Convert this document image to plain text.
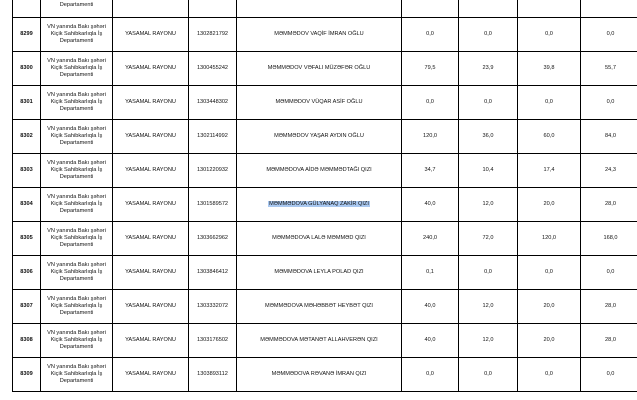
	Departamenti							
8299	VN yanında Bakı şəhəri
Kiçik Sahibkarlıqla İş
Departamenti	YASAMAL RAYONU	1302821792	MƏMMƏDOV VAQİF İMRAN OĞLU	0,0	0,0	0,0	0,0
8300	VN yanında Bakı şəhəri
Kiçik Sahibkarlıqla İş
Departamenti	YASAMAL RAYONU	1300455242	MƏMMƏDOV VƏFALI MÜZƏFƏR OĞLU	79,5	23,9	39,8	55,7
8301	VN yanında Bakı şəhəri
Kiçik Sahibkarlıqla İş
Departamenti	YASAMAL RAYONU	1303448302	MƏMMƏDOV VÜQAR ASİF OĞLU	0,0	0,0	0,0	0,0
8302	VN yanında Bakı şəhəri
Kiçik Sahibkarlıqla İş
Departamenti	YASAMAL RAYONU	1302114992	MƏMMƏDOV YAŞAR AYDIN OĞLU	120,0	36,0	60,0	84,0
8303	VN yanında Bakı şəhəri
Kiçik Sahibkarlıqla İş
Departamenti	YASAMAL RAYONU	1301220932	MƏMMƏDOVA AİDƏ MƏMMƏDTAĞI QIZI	34,7	10,4	17,4	24,3
8304	VN yanında Bakı şəhəri
Kiçik Sahibkarlıqla İş
Departamenti	YASAMAL RAYONU	1301589572	MƏMMƏDOVA GÜLYANAQ ZAKİR QIZI	40,0	12,0	20,0	28,0
8305	VN yanında Bakı şəhəri
Kiçik Sahibkarlıqla İş
Departamenti	YASAMAL RAYONU	1303662962	MƏMMƏDOVA LALƏ MƏMMƏD QIZI	240,0	72,0	120,0	168,0
8306	VN yanında Bakı şəhəri
Kiçik Sahibkarlıqla İş
Departamenti	YASAMAL RAYONU	1303846412	MƏMMƏDOVA LEYLA POLAD QIZI	0,1	0,0	0,0	0,0
8307	VN yanında Bakı şəhəri
Kiçik Sahibkarlıqla İş
Departamenti	YASAMAL RAYONU	1303332072	MƏMMƏDOVA MƏHƏBBƏT HEYBƏT QIZI	40,0	12,0	20,0	28,0
8308	VN yanında Bakı şəhəri
Kiçik Sahibkarlıqla İş
Departamenti	YASAMAL RAYONU	1303176502	MƏMMƏDOVA MƏTANƏT ALLAHVERƏN QIZI	40,0	12,0	20,0	28,0
8309	VN yanında Bakı şəhəri
Kiçik Sahibkarlıqla İş
Departamenti	YASAMAL RAYONU	1303893112	MƏMMƏDOVA RƏVANƏ İMRAN QIZI	0,0	0,0	0,0	0,0
